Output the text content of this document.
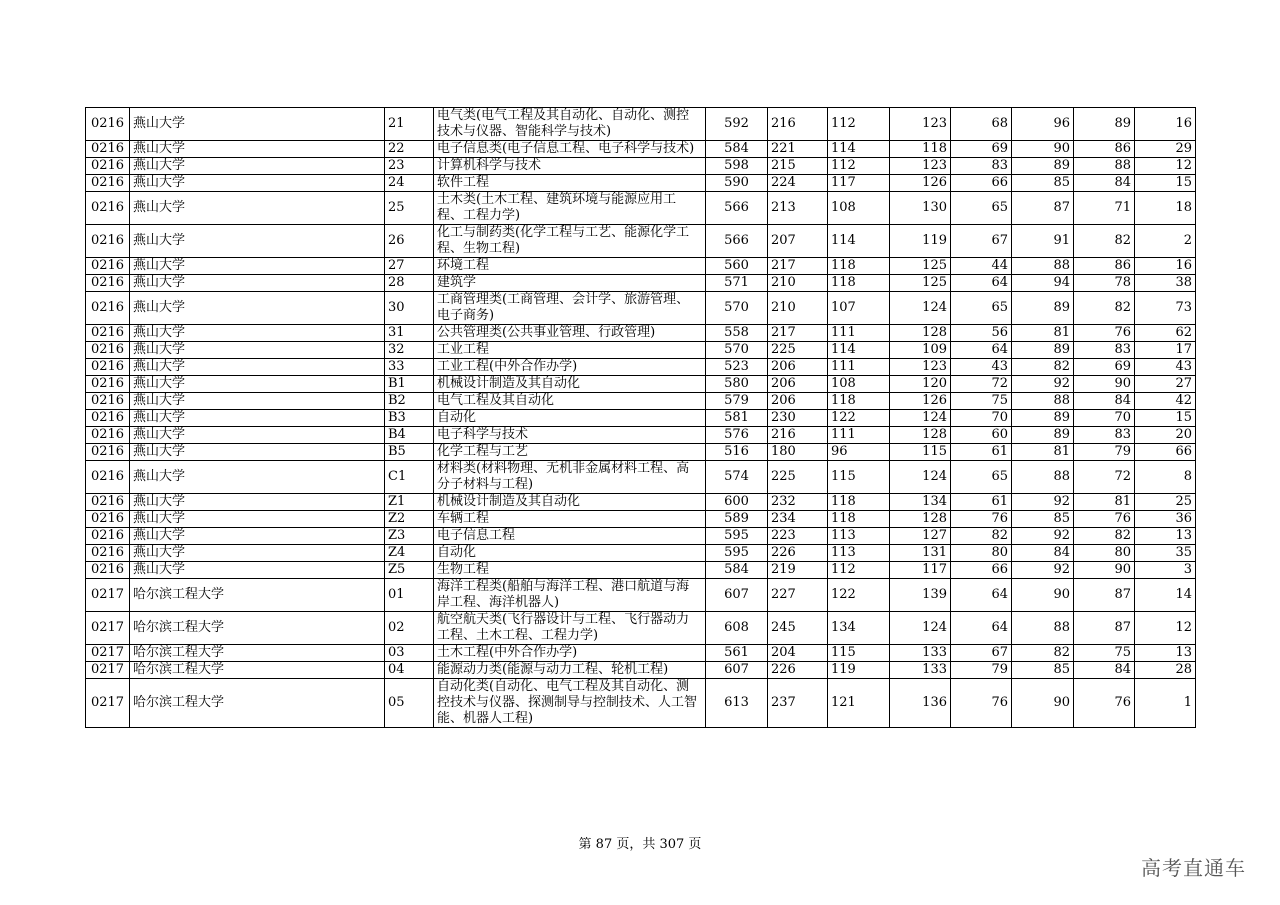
0216	燕山大学	21	电气类(电气工程及其自动化、自动化、测控技术与仪器、智能科学与技术)	592	216	112	123	68	96	89	16
0216	燕山大学	22	电子信息类(电子信息工程、电子科学与技术)	584	221	114	118	69	90	86	29
0216	燕山大学	23	计算机科学与技术	598	215	112	123	83	89	88	12
0216	燕山大学	24	软件工程	590	224	117	126	66	85	84	15
0216	燕山大学	25	土木类(土木工程、建筑环境与能源应用工程、工程力学)	566	213	108	130	65	87	71	18
0216	燕山大学	26	化工与制药类(化学工程与工艺、能源化学工程、生物工程)	566	207	114	119	67	91	82	2
0216	燕山大学	27	环境工程	560	217	118	125	44	88	86	16
0216	燕山大学	28	建筑学	571	210	118	125	64	94	78	38
0216	燕山大学	30	工商管理类(工商管理、会计学、旅游管理、电子商务)	570	210	107	124	65	89	82	73
0216	燕山大学	31	公共管理类(公共事业管理、行政管理)	558	217	111	128	56	81	76	62
0216	燕山大学	32	工业工程	570	225	114	109	64	89	83	17
0216	燕山大学	33	工业工程(中外合作办学)	523	206	111	123	43	82	69	43
0216	燕山大学	B1	机械设计制造及其自动化	580	206	108	120	72	92	90	27
0216	燕山大学	B2	电气工程及其自动化	579	206	118	126	75	88	84	42
0216	燕山大学	B3	自动化	581	230	122	124	70	89	70	15
0216	燕山大学	B4	电子科学与技术	576	216	111	128	60	89	83	20
0216	燕山大学	B5	化学工程与工艺	516	180	96	115	61	81	79	66
0216	燕山大学	C1	材料类(材料物理、无机非金属材料工程、高分子材料与工程)	574	225	115	124	65	88	72	8
0216	燕山大学	Z1	机械设计制造及其自动化	600	232	118	134	61	92	81	25
0216	燕山大学	Z2	车辆工程	589	234	118	128	76	85	76	36
0216	燕山大学	Z3	电子信息工程	595	223	113	127	82	92	82	13
0216	燕山大学	Z4	自动化	595	226	113	131	80	84	80	35
0216	燕山大学	Z5	生物工程	584	219	112	117	66	92	90	3
0217	哈尔滨工程大学	01	海洋工程类(船舶与海洋工程、港口航道与海岸工程、海洋机器人)	607	227	122	139	64	90	87	14
0217	哈尔滨工程大学	02	航空航天类(飞行器设计与工程、飞行器动力工程、土木工程、工程力学)	608	245	134	124	64	88	87	12
0217	哈尔滨工程大学	03	土木工程(中外合作办学)	561	204	115	133	67	82	75	13
0217	哈尔滨工程大学	04	能源动力类(能源与动力工程、轮机工程)	607	226	119	133	79	85	84	28
0217	哈尔滨工程大学	05	自动化类(自动化、电气工程及其自动化、测控技术与仪器、探测制导与控制技术、人工智能、机器人工程)	613	237	121	136	76	90	76	1
第 87 页，共 307 页
高考直通车
